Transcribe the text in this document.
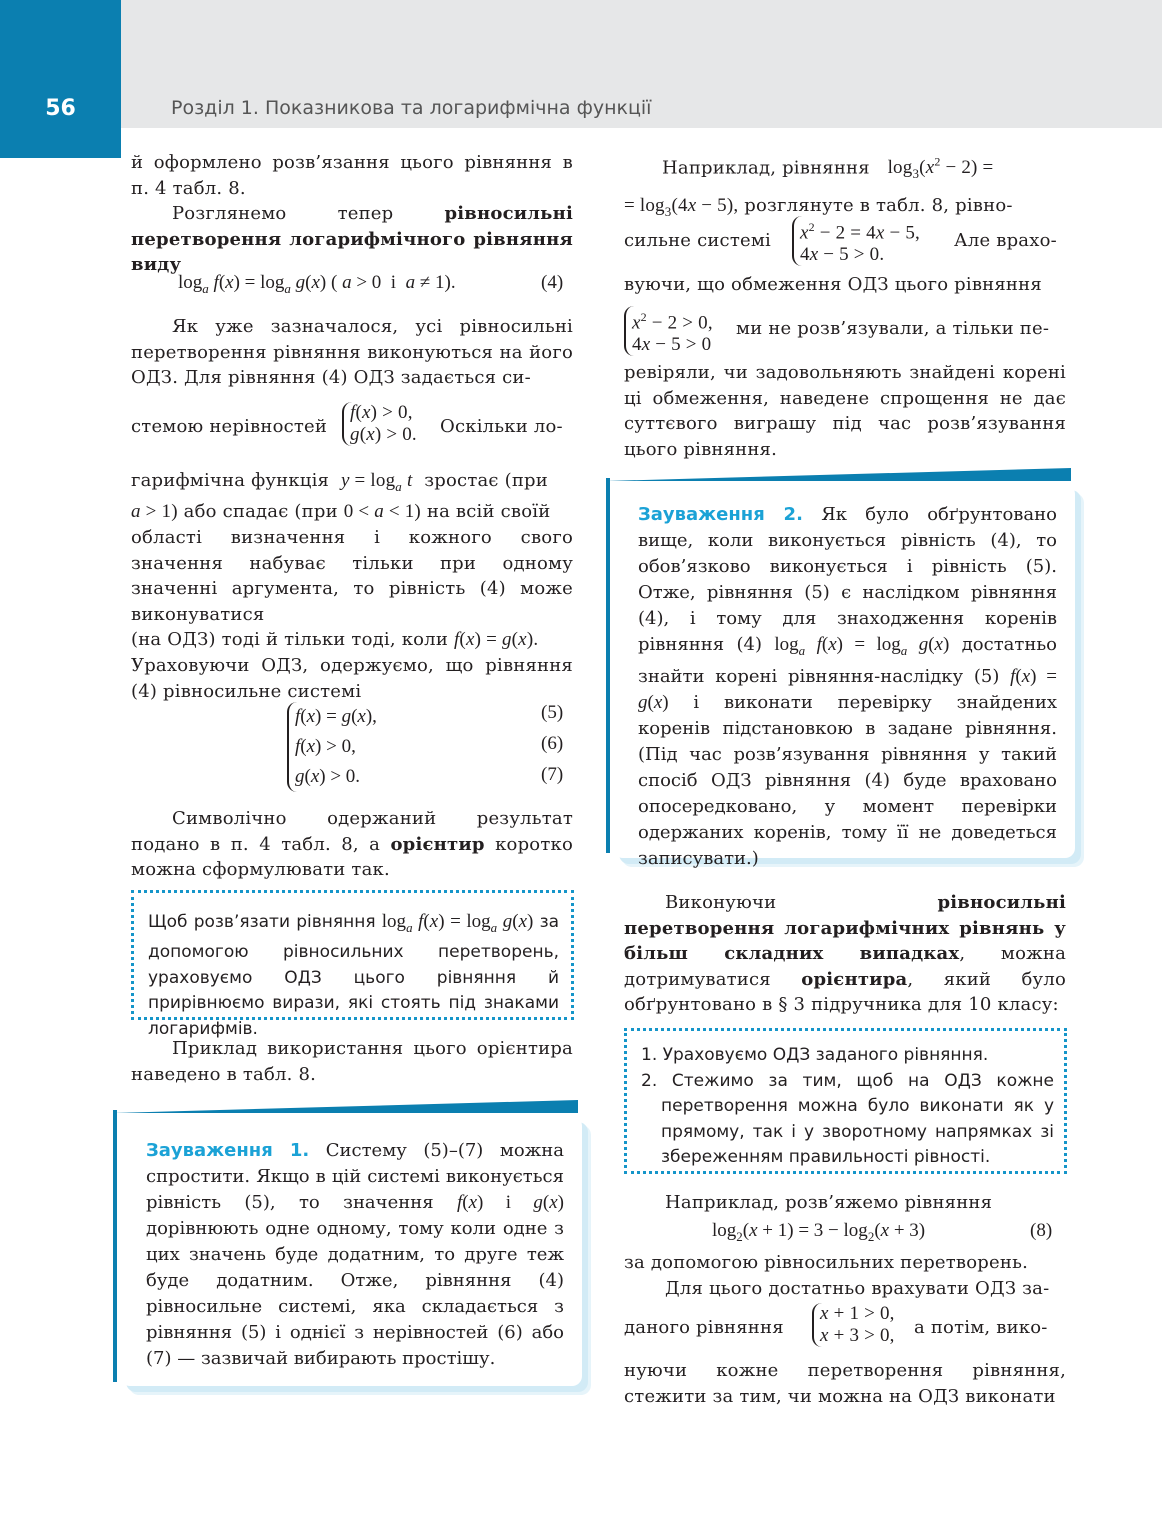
56	Розділ 1. Показникова та логарифмічна функції

й оформлено розв’язання цього рівняння в п. 4 табл. 8.

Розглянемо тепер рівносильні перетворення логарифмічного рівняння виду

$\log_a f(x) = \log_a g(x)$ ( a > 0  і  a ≠ 1).	(4)

Як уже зазначалося, усі рівносильні перетворення рівняння виконуються на його ОДЗ. Для рівняння (4) ОДЗ задається си-

стемою нерівностей
f(x) > 0,
g(x) > 0. Оскільки ло-

гарифмічна функція $y = \log_a t$ зростає (при

a > 1) або спадає (при 0 < a < 1) на всій своїй

області визначення і кожного свого значення набуває тільки при одному значенні аргумента, то рівність (4) може виконуватися

(на ОДЗ) тоді й тільки тоді, коли f(x) = g(x).

Ураховуючи ОДЗ, одержуємо, що рівняння (4) рівносильне системі

f(x) = g(x),
f(x) > 0,
g(x) > 0.
(5)
(6)
(7)

Символічно одержаний результат подано в п. 4 табл. 8, а орієнтир коротко можна сформулювати так.

Щоб розв’язати рівняння $\log_a f(x) = \log_a g(x)$ за допомогою рівносильних перетворень, ураховуємо ОДЗ цього рівняння й прирівнюємо вирази, які стоять під знаками логарифмів.

Приклад використання цього орієнтира наведено в табл. 8.

Зауваження 1. Систему (5)–(7) можна спростити. Якщо в цій системі виконується рівність (5), то значення f(x) і g(x) дорівнюють одне одному, тому коли одне з цих значень буде додатним, то друге теж буде додатним. Отже, рівняння (4) рівносильне системі, яка складається з рівняння (5) і однієї з нерівностей (6) або (7) — зазвичай вибирають простішу.

Наприклад, рівняння $\log_3(x^2 - 2)$ =

= $\log_3(4x - 5)$, розглянуте в табл. 8, рівно-

сильне системі	$x^2 - 2 = 4x - 5$,
4x − 5 > 0.
Але врахо-

вуючи, що обмеження ОДЗ цього рівняння

$x^2 - 2 > 0$,
4x − 5 > 0
ми не розв’язували, а тільки пе-

ревіряли, чи задовольняють знайдені корені ці обмеження, наведене спрощення не дає суттєвого виграшу під час розв’язування цього рівняння.

Зауваження 2. Як було обґрунтовано вище, коли виконується рівність (4), то обов’язково виконується і рівність (5). Отже, рівняння (5) є наслідком рівняння (4), і тому для знаходження коренів рівняння (4) $\log_a f(x) = \log_a g(x)$ достатньо знайти корені рівняння-наслідку (5) f(x) = g(x) і виконати перевірку знайдених коренів підстановкою в задане рівняння. (Під час розв’язування рівняння у такий спосіб ОДЗ рівняння (4) буде враховано опосередковано, у момент перевірки одержаних коренів, тому її не доведеться записувати.)

Виконуючи рівносильні перетворення логарифмічних рівнянь у більш складних випадках, можна дотримуватися орієнтира, який було обґрунтовано в § 3 підручника для 10 класу:

1. Ураховуємо ОДЗ заданого рівняння.
2. Стежимо за тим, щоб на ОДЗ кожне перетворення можна було виконати як у прямому, так і у зворотному напрямках зі збереженням правильності рівності.

Наприклад, розв’яжемо рівняння

$\log_2(x + 1) = 3 - \log_2(x + 3)$	(8)

за допомогою рівносильних перетворень.

Для цього достатньо врахувати ОДЗ за-

даного рівняння
x + 1 > 0,
x + 3 > 0, а потім, вико-

нуючи кожне перетворення рівняння, стежити за тим, чи можна на ОДЗ виконати
